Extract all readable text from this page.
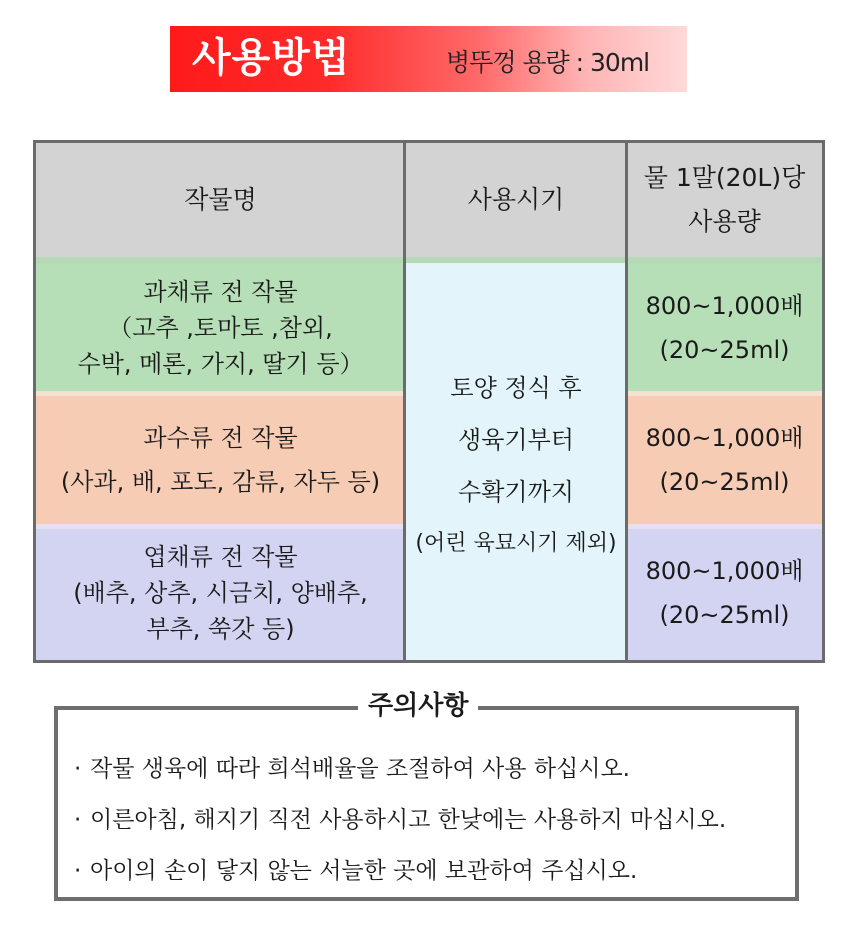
사용방법	병뚜껑 용량 : 30ml
작물명	사용시기
물 1말(20L)당
사용량
과채류 전 작물
（고추 ,토마토 ,참외,
수박, 메론, 가지, 딸기 등）
800~1,000배
(20~25ml)
과수류 전 작물
(사과, 배, 포도, 감류, 자두 등)
800~1,000배
(20~25ml)
엽채류 전 작물
(배추, 상추, 시금치, 양배추,
부추, 쑥갓 등)
800~1,000배
(20~25ml)
토양 정식 후
생육기부터
수확기까지
(어린 육묘시기 제외)
주의사항
· 작물 생육에 따라 희석배율을 조절하여 사용 하십시오.
· 이른아침, 해지기 직전 사용하시고 한낮에는 사용하지 마십시오.
· 아이의 손이 닿지 않는 서늘한 곳에 보관하여 주십시오.
